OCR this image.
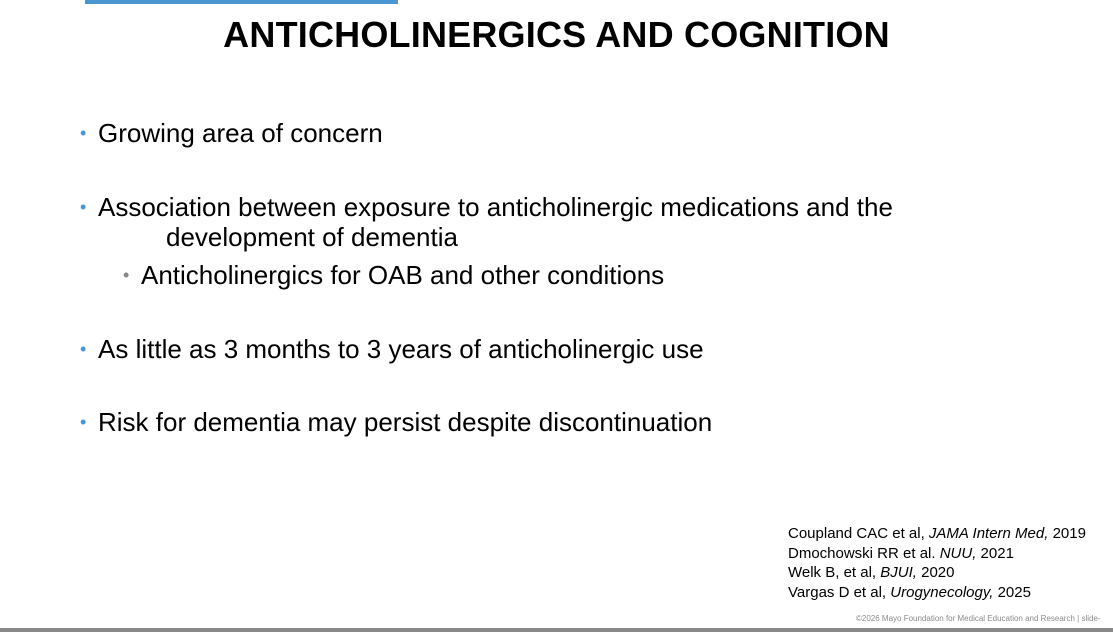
ANTICHOLINERGICS AND COGNITION
• Growing area of concern
• Association between exposure to anticholinergic medications and the
development of dementia
• Anticholinergics for OAB and other conditions
• As little as 3 months to 3 years of anticholinergic use
• Risk for dementia may persist despite discontinuation
Coupland CAC et al, JAMA Intern Med, 2019
Dmochowski RR et al. NUU, 2021
Welk B, et al, BJUI, 2020
Vargas D et al, Urogynecology, 2025
©2026 Mayo Foundation for Medical Education and Research | slide-
